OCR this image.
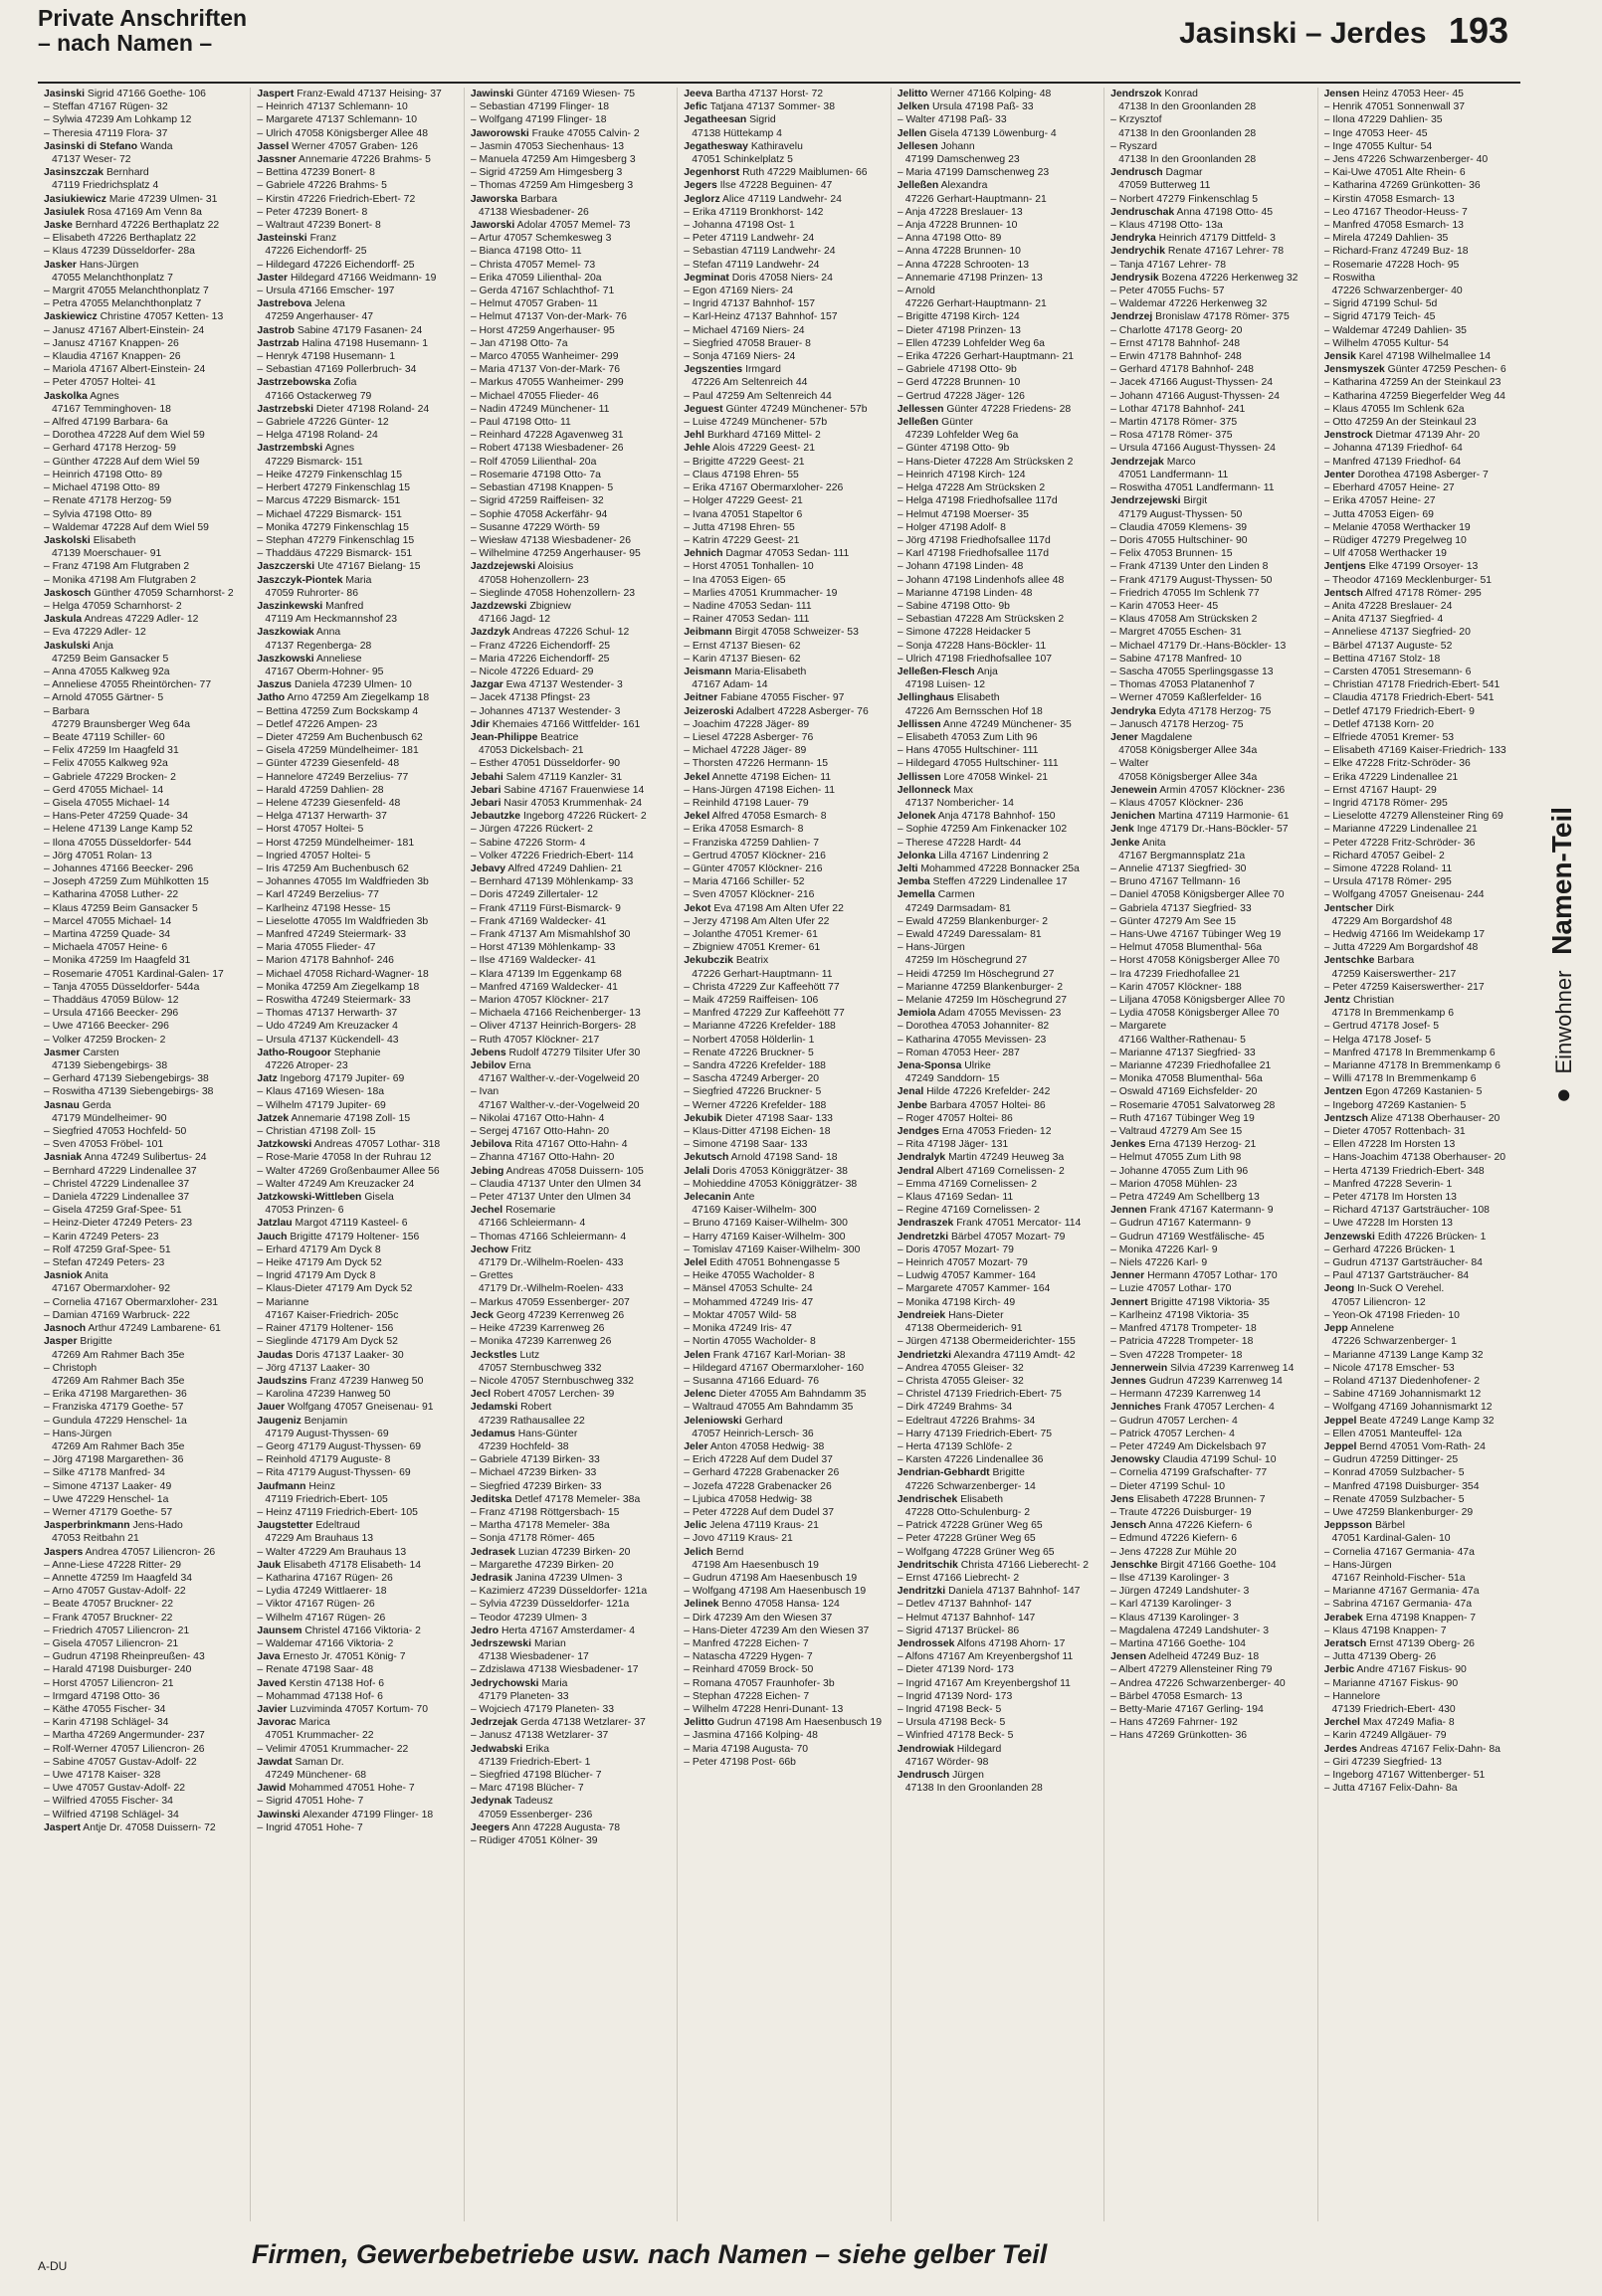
Private Anschriften
– nach Namen –	Jasinski – Jerdes 193
Jasinski Sigrid 47166 Goethe- 106
– Steffan 47167 Rügen- 32
– Sylwia 47239 Am Lohkamp 12
– Theresia 47119 Flora- 37
Jasinski di Stefano Wanda
47137 Weser- 72
Jasinszczak Bernhard
47119 Friedrichsplatz 4
Jasiukiewicz Marie 47239 Ulmen- 31
Jasiulek Rosa 47169 Am Venn 8a
Jaske Bernhard 47226 Berthaplatz 22
– Elisabeth 47226 Berthaplatz 22
– Klaus 47239 Düsseldorfer- 28a
Jasker Hans-Jürgen
47055 Melanchthonplatz 7
– Margrit 47055 Melanchthonplatz 7
– Petra 47055 Melanchthonplatz 7
Jaskiewicz Christine 47057 Ketten- 13
– Janusz 47167 Albert-Einstein- 24
– Janusz 47167 Knappen- 26
– Klaudia 47167 Knappen- 26
– Mariola 47167 Albert-Einstein- 24
– Peter 47057 Holtei- 41
Jaskolka Agnes
47167 Temminghoven- 18
– Alfred 47199 Barbara- 6a
– Dorothea 47228 Auf dem Wiel 59
– Gerhard 47178 Herzog- 59
– Günther 47228 Auf dem Wiel 59
– Heinrich 47198 Otto- 89
– Michael 47198 Otto- 89
– Renate 47178 Herzog- 59
– Sylvia 47198 Otto- 89
– Waldemar 47228 Auf dem Wiel 59
Jaskolski Elisabeth
47139 Moerschauer- 91
– Franz 47198 Am Flutgraben 2
– Monika 47198 Am Flutgraben 2
Jaskosch Günther 47059 Scharnhorst- 2
– Helga 47059 Scharnhorst- 2
Jaskula Andreas 47229 Adler- 12
– Eva 47229 Adler- 12
Jaskulski Anja
47259 Beim Gansacker 5
– Anna 47055 Kalkweg 92a
– Anneliese 47055 Rheintörchen- 77
– Arnold 47055 Gärtner- 5
– Barbara
47279 Braunsberger Weg 64a
– Beate 47119 Schiller- 60
– Felix 47259 Im Haagfeld 31
– Felix 47055 Kalkweg 92a
– Gabriele 47229 Brocken- 2
– Gerd 47055 Michael- 14
– Gisela 47055 Michael- 14
– Hans-Peter 47259 Quade- 34
– Helene 47139 Lange Kamp 52
– Ilona 47055 Düsseldorfer- 544
– Jörg 47051 Rolan- 13
– Johannes 47166 Beecker- 296
– Joseph 47259 Zum Mühlkotten 15
– Katharina 47058 Luther- 22
– Klaus 47259 Beim Gansacker 5
– Marcel 47055 Michael- 14
– Martina 47259 Quade- 34
– Michaela 47057 Heine- 6
– Monika 47259 Im Haagfeld 31
– Rosemarie 47051 Kardinal-Galen- 17
– Tanja 47055 Düsseldorfer- 544a
– Thaddäus 47059 Bülow- 12
– Ursula 47166 Beecker- 296
– Uwe 47166 Beecker- 296
– Volker 47259 Brocken- 2
Jasmer Carsten
47139 Siebengebirgs- 38
– Gerhard 47139 Siebengebirgs- 38
– Roswitha 47139 Siebengebirgs- 38
Jasnau Gerda
47179 Mündelheimer- 90
– Siegfried 47053 Hochfeld- 50
– Sven 47053 Fröbel- 101
Jasniak Anna 47249 Sulibertus- 24
– Bernhard 47229 Lindenallee 37
– Christel 47229 Lindenallee 37
– Daniela 47229 Lindenallee 37
– Gisela 47259 Graf-Spee- 51
– Heinz-Dieter 47249 Peters- 23
– Karin 47249 Peters- 23
– Rolf 47259 Graf-Spee- 51
– Stefan 47249 Peters- 23
Jasniok Anita
47167 Obermarxloher- 92
– Cornelia 47167 Obermarxloher- 231
– Damian 47169 Warbruck- 222
Jasnoch Arthur 47249 Lambarene- 61
Jasper Brigitte
47269 Am Rahmer Bach 35e
– Christoph
47269 Am Rahmer Bach 35e
– Erika 47198 Margarethen- 36
– Franziska 47179 Goethe- 57
– Gundula 47229 Henschel- 1a
– Hans-Jürgen
47269 Am Rahmer Bach 35e
– Jörg 47198 Margarethen- 36
– Silke 47178 Manfred- 34
– Simone 47137 Laaker- 49
– Uwe 47229 Henschel- 1a
– Werner 47179 Goethe- 57
Jasperbrinkmann Jens-Hado
47053 Reitbahn 21
Jaspers Andrea 47057 Liliencron- 26
– Anne-Liese 47228 Ritter- 29
– Annette 47259 Im Haagfeld 34
– Arno 47057 Gustav-Adolf- 22
– Beate 47057 Bruckner- 22
– Frank 47057 Bruckner- 22
– Friedrich 47057 Liliencron- 21
– Gisela 47057 Liliencron- 21
– Gudrun 47198 Rheinpreußen- 43
– Harald 47198 Duisburger- 240
– Horst 47057 Liliencron- 21
– Irmgard 47198 Otto- 36
– Käthe 47055 Fischer- 34
– Karin 47198 Schlägel- 34
– Martha 47269 Angermunder- 237
– Rolf-Werner 47057 Liliencron- 26
– Sabine 47057 Gustav-Adolf- 22
– Uwe 47178 Kaiser- 328
– Uwe 47057 Gustav-Adolf- 22
– Wilfried 47055 Fischer- 34
– Wilfried 47198 Schlägel- 34
Jaspert Antje Dr. 47058 Duissern- 72
Jaspert Franz-Ewald 47137 Heising- 37
– Heinrich 47137 Schlemann- 10
– Margarete 47137 Schlemann- 10
– Ulrich 47058 Königsberger Allee 48
Jassel Werner 47057 Graben- 126
Jassner Annemarie 47226 Brahms- 5
– Bettina 47239 Bonert- 8
– Gabriele 47226 Brahms- 5
– Kirstin 47226 Friedrich-Ebert- 72
– Peter 47239 Bonert- 8
– Waltraut 47239 Bonert- 8
Jasteinski Franz
47226 Eichendorff- 25
– Hildegard 47226 Eichendorff- 25
Jaster Hildegard 47166 Weidmann- 19
– Ursula 47166 Emscher- 197
Jastrebova Jelena
47259 Angerhauser- 47
Jastrob Sabine 47179 Fasanen- 24
Jastrzab Halina 47198 Husemann- 1
– Henryk 47198 Husemann- 1
– Sebastian 47169 Pollerbruch- 34
Jastrzebowska Zofia
47166 Ostackerweg 79
Jastrzebski Dieter 47198 Roland- 24
– Gabriele 47226 Günter- 12
– Helga 47198 Roland- 24
Jastrzembski Agnes
47229 Bismarck- 151
– Heike 47279 Finkenschlag 15
– Herbert 47279 Finkenschlag 15
– Marcus 47229 Bismarck- 151
– Michael 47229 Bismarck- 151
– Monika 47279 Finkenschlag 15
– Stephan 47279 Finkenschlag 15
– Thaddäus 47229 Bismarck- 151
Jaszczerski Ute 47167 Bielang- 15
Jaszczyk-Piontek Maria
47059 Ruhrorter- 86
Jaszinkewski Manfred
47119 Am Heckmannshof 23
Jaszkowiak Anna
47137 Regenberga- 28
Jaszkowski Anneliese
47167 Oberm-Hohner- 95
Jaszus Daniela 47239 Ulmen- 10
Jatho Arno 47259 Am Ziegelkamp 18
– Bettina 47259 Zum Bockskamp 4
– Detlef 47226 Ampen- 23
– Dieter 47259 Am Buchenbusch 62
– Gisela 47259 Mündelheimer- 181
– Günter 47239 Giesenfeld- 48
– Hannelore 47249 Berzelius- 77
– Harald 47259 Dahlien- 28
– Helene 47239 Giesenfeld- 48
– Helga 47137 Herwarth- 37
– Horst 47057 Holtei- 5
– Horst 47259 Mündelheimer- 181
– Ingried 47057 Holtei- 5
– Iris 47259 Am Buchenbusch 62
– Johannes 47055 Im Waldfrieden 3b
– Karl 47249 Berzelius- 77
– Karlheinz 47198 Hesse- 15
– Lieselotte 47055 Im Waldfrieden 3b
– Manfred 47249 Steiermark- 33
– Maria 47055 Flieder- 47
– Marion 47178 Bahnhof- 246
– Michael 47058 Richard-Wagner- 18
– Monika 47259 Am Ziegelkamp 18
– Roswitha 47249 Steiermark- 33
– Thomas 47137 Herwarth- 37
– Udo 47249 Am Kreuzacker 4
– Ursula 47137 Kückendell- 43
Jatho-Rougoor Stephanie
47226 Atroper- 23
Jatz Ingeborg 47179 Jupiter- 69
– Klaus 47169 Wiesen- 18a
– Wilhelm 47179 Jupiter- 69
Jatzek Annemarie 47198 Zoll- 15
– Christian 47198 Zoll- 15
Jatzkowski Andreas 47057 Lothar- 318
– Rose-Marie 47058 In der Ruhrau 12
– Walter 47269 Großenbaumer Allee 56
– Walter 47249 Am Kreuzacker 24
Jatzkowski-Wittleben Gisela
47053 Prinzen- 6
Jatzlau Margot 47119 Kasteel- 6
Jauch Brigitte 47179 Holtener- 156
– Erhard 47179 Am Dyck 8
– Heike 47179 Am Dyck 52
– Ingrid 47179 Am Dyck 8
– Klaus-Dieter 47179 Am Dyck 52
– Marianne
47167 Kaiser-Friedrich- 205c
– Rainer 47179 Holtener- 156
– Sieglinde 47179 Am Dyck 52
Jaudas Doris 47137 Laaker- 30
– Jörg 47137 Laaker- 30
Jaudszins Franz 47239 Hanweg 50
– Karolina 47239 Hanweg 50
Jauer Wolfgang 47057 Gneisenau- 91
Jaugeniz Benjamin
47179 August-Thyssen- 69
– Georg 47179 August-Thyssen- 69
– Reinhold 47179 Auguste- 8
– Rita 47179 August-Thyssen- 69
Jaufmann Heinz
47119 Friedrich-Ebert- 105
– Heinz 47119 Friedrich-Ebert- 105
Jaugstetter Edeltraud
47229 Am Brauhaus 13
– Walter 47229 Am Brauhaus 13
Jauk Elisabeth 47178 Elisabeth- 14
– Katharina 47167 Rügen- 26
– Lydia 47249 Wittlaerer- 18
– Viktor 47167 Rügen- 26
– Wilhelm 47167 Rügen- 26
Jaunsem Christel 47166 Viktoria- 2
– Waldemar 47166 Viktoria- 2
Java Ernesto Jr. 47051 König- 7
– Renate 47198 Saar- 48
Javed Kerstin 47138 Hof- 6
– Mohammad 47138 Hof- 6
Javier Luzviminda 47057 Kortum- 70
Javorac Marica
47051 Krummacher- 22
– Velimir 47051 Krummacher- 22
Jawdat Saman Dr.
47249 Münchener- 68
Jawid Mohammed 47051 Hohe- 7
– Sigrid 47051 Hohe- 7
Jawinski Alexander 47199 Flinger- 18
– Ingrid 47051 Hohe- 7
Jawinski Günter 47169 Wiesen- 75
– Sebastian 47199 Flinger- 18
– Wolfgang 47199 Flinger- 18
Jaworowski Frauke 47055 Calvin- 2
– Jasmin 47053 Siechenhaus- 13
– Manuela 47259 Am Himgesberg 3
– Sigrid 47259 Am Himgesberg 3
– Thomas 47259 Am Himgesberg 3
Jaworska Barbara
47138 Wiesbadener- 26
Jaworski Adolar 47057 Memel- 73
– Artur 47057 Schemkesweg 3
– Bianca 47198 Otto- 11
– Christa 47057 Memel- 73
– Erika 47059 Lilienthal- 20a
– Gerda 47167 Schlachthof- 71
– Helmut 47057 Graben- 11
– Helmut 47137 Von-der-Mark- 76
– Horst 47259 Angerhauser- 95
– Jan 47198 Otto- 7a
– Marco 47055 Wanheimer- 299
– Maria 47137 Von-der-Mark- 76
– Markus 47055 Wanheimer- 299
– Michael 47055 Flieder- 46
– Nadin 47249 Münchener- 11
– Paul 47198 Otto- 11
– Reinhard 47228 Agavenweg 31
– Robert 47138 Wiesbadener- 26
– Rolf 47059 Lilienthal- 20a
– Rosemarie 47198 Otto- 7a
– Sebastian 47198 Knappen- 5
– Sigrid 47259 Raiffeisen- 32
– Sophie 47058 Ackerfähr- 94
– Susanne 47229 Wörth- 59
– Wiesław 47138 Wiesbadener- 26
– Wilhelmine 47259 Angerhauser- 95
Jazdzejewski Aloisius
47058 Hohenzollern- 23
– Sieglinde 47058 Hohenzollern- 23
Jazdzewski Zbigniew
47166 Jagd- 12
Jazdzyk Andreas 47226 Schul- 12
– Franz 47226 Eichendorff- 25
– Maria 47226 Eichendorff- 25
– Nicole 47226 Eduard- 29
Jazgar Ewa 47137 Westender- 3
– Jacek 47138 Pfingst- 23
– Johannes 47137 Westender- 3
Jdir Khemaies 47166 Wittfelder- 161
Jean-Philippe Beatrice
47053 Dickelsbach- 21
– Esther 47051 Düsseldorfer- 90
Jebahi Salem 47119 Kanzler- 31
Jebari Sabine 47167 Frauenwiese 14
Jebari Nasir 47053 Krummenhak- 24
Jebautzke Ingeborg 47226 Rückert- 2
– Jürgen 47226 Rückert- 2
– Sabine 47226 Storm- 4
– Volker 47226 Friedrich-Ebert- 114
Jebavy Alfred 47249 Dahlien- 21
– Bernhard 47139 Möhlenkamp- 33
– Doris 47249 Zillertaler- 12
– Frank 47119 Fürst-Bismarck- 9
– Frank 47169 Waldecker- 41
– Frank 47137 Am Mismahlshof 30
– Horst 47139 Möhlenkamp- 33
– Ilse 47169 Waldecker- 41
– Klara 47139 Im Eggenkamp 68
– Manfred 47169 Waldecker- 41
– Marion 47057 Klöckner- 217
– Michaela 47166 Reichenberger- 13
– Oliver 47137 Heinrich-Borgers- 28
– Ruth 47057 Klöckner- 217
Jebens Rudolf 47279 Tilsiter Ufer 30
Jebilov Erna
47167 Walther-v.-der-Vogelweid 20
– Ivan
47167 Walther-v.-der-Vogelweid 20
– Nikolai 47167 Otto-Hahn- 4
– Sergej 47167 Otto-Hahn- 20
Jebilova Rita 47167 Otto-Hahn- 4
– Zhanna 47167 Otto-Hahn- 20
Jebing Andreas 47058 Duissern- 105
– Claudia 47137 Unter den Ulmen 34
– Peter 47137 Unter den Ulmen 34
Jechel Rosemarie
47166 Schleiermann- 4
– Thomas 47166 Schleiermann- 4
Jechow Fritz
47179 Dr.-Wilhelm-Roelen- 433
– Grettes
47179 Dr.-Wilhelm-Roelen- 433
– Markus 47059 Essenberger- 207
Jeck Georg 47239 Kerrenweg 26
– Heike 47239 Karrenweg 26
– Monika 47239 Karrenweg 26
Jeckstles Lutz
47057 Sternbuschweg 332
– Nicole 47057 Sternbuschweg 332
Jecl Robert 47057 Lerchen- 39
Jedamski Robert
47239 Rathausallee 22
Jedamus Hans-Günter
47239 Hochfeld- 38
– Gabriele 47139 Birken- 33
– Michael 47239 Birken- 33
– Siegfried 47239 Birken- 33
Jeditska Detlef 47178 Memeler- 38a
– Franz 47198 Röttgersbach- 15
– Martha 47178 Memeler- 38a
– Sonja 47178 Römer- 465
Jedrasek Luzian 47239 Birken- 20
– Margarethe 47239 Birken- 20
Jedrasik Janina 47239 Ulmen- 3
– Kazimierz 47239 Düsseldorfer- 121a
– Sylvia 47239 Düsseldorfer- 121a
– Teodor 47239 Ulmen- 3
Jedro Herta 47167 Amsterdamer- 4
Jedrszewski Marian
47138 Wiesbadener- 17
– Zdzislawa 47138 Wiesbadener- 17
Jedrychowski Maria
47179 Planeten- 33
– Wojciech 47179 Planeten- 33
Jedrzejak Gerda 47138 Wetzlarer- 37
– Janusz 47138 Wetzlarer- 37
Jedwabski Erika
47139 Friedrich-Ebert- 1
– Siegfried 47198 Blücher- 7
– Marc 47198 Blücher- 7
Jedynak Tadeusz
47059 Essenberger- 236
Jeegers Ann 47228 Augusta- 78
– Rüdiger 47051 Kölner- 39
Jeeva Bartha 47137 Horst- 72
Jefic Tatjana 47137 Sommer- 38
Jegatheesan Sigrid
47138 Hüttekamp 4
Jegathesway Kathiravelu
47051 Schinkelplatz 5
Jegenhorst Ruth 47229 Maiblumen- 66
Jegers Ilse 47228 Beguinen- 47
Jeglorz Alice 47119 Landwehr- 24
– Erika 47119 Bronkhorst- 142
– Johanna 47198 Ost- 1
– Peter 47119 Landwehr- 24
– Sebastian 47119 Landwehr- 24
– Stefan 47119 Landwehr- 24
Jegminat Doris 47058 Niers- 24
– Egon 47169 Niers- 24
– Ingrid 47137 Bahnhof- 157
– Karl-Heinz 47137 Bahnhof- 157
– Michael 47169 Niers- 24
– Siegfried 47058 Brauer- 8
– Sonja 47169 Niers- 24
Jegszenties Irmgard
47226 Am Seltenreich 44
– Paul 47259 Am Seltenreich 44
Jeguest Günter 47249 Münchener- 57b
– Luise 47249 Münchener- 57b
Jehl Burkhard 47169 Mittel- 2
Jehle Alois 47229 Geest- 21
– Brigitte 47229 Geest- 21
– Claus 47198 Ehren- 55
– Erika 47167 Obermarxloher- 226
– Holger 47229 Geest- 21
– Ivana 47051 Stapeltor 6
– Jutta 47198 Ehren- 55
– Katrin 47229 Geest- 21
Jehnich Dagmar 47053 Sedan- 111
– Horst 47051 Tonhallen- 10
– Ina 47053 Eigen- 65
– Marlies 47051 Krummacher- 19
– Nadine 47053 Sedan- 111
– Rainer 47053 Sedan- 111
Jeibmann Birgit 47058 Schweizer- 53
– Ernst 47137 Biesen- 62
– Karin 47137 Biesen- 62
Jeismann Maria-Elisabeth
47167 Adam- 14
Jeitner Fabiane 47055 Fischer- 97
Jeizeroski Adalbert 47228 Asberger- 76
– Joachim 47228 Jäger- 89
– Liesel 47228 Asberger- 76
– Michael 47228 Jäger- 89
– Thorsten 47226 Hermann- 15
Jekel Annette 47198 Eichen- 11
– Hans-Jürgen 47198 Eichen- 11
– Reinhild 47198 Lauer- 79
Jekel Alfred 47058 Esmarch- 8
– Erika 47058 Esmarch- 8
– Franziska 47259 Dahlien- 7
– Gertrud 47057 Klöckner- 216
– Günter 47057 Klöckner- 216
– Maria 47166 Schiller- 52
– Sven 47057 Klöckner- 216
Jekot Eva 47198 Am Alten Ufer 22
– Jerzy 47198 Am Alten Ufer 22
– Jolanthe 47051 Kremer- 61
– Zbigniew 47051 Kremer- 61
Jekubczik Beatrix
47226 Gerhart-Hauptmann- 11
– Christa 47229 Zur Kaffeehött 77
– Maik 47259 Raiffeisen- 106
– Manfred 47229 Zur Kaffeehött 77
– Marianne 47226 Krefelder- 188
– Norbert 47058 Hölderlin- 1
– Renate 47226 Bruckner- 5
– Sandra 47226 Krefelder- 188
– Sascha 47249 Arberger- 20
– Siegfried 47226 Bruckner- 5
– Werner 47226 Krefelder- 188
Jekubik Dieter 47198 Saar- 133
– Klaus-Ditter 47198 Eichen- 18
– Simone 47198 Saar- 133
Jekutsch Arnold 47198 Sand- 18
Jelali Doris 47053 Königgrätzer- 38
– Mohieddine 47053 Königgrätzer- 38
Jelecanin Ante
47169 Kaiser-Wilhelm- 300
– Bruno 47169 Kaiser-Wilhelm- 300
– Harry 47169 Kaiser-Wilhelm- 300
– Tomislav 47169 Kaiser-Wilhelm- 300
Jelel Edith 47051 Bohnengasse 5
– Heike 47055 Wacholder- 8
– Mänsel 47053 Schulte- 24
– Mohammed 47249 Iris- 47
– Moktar 47057 Wild- 58
– Monika 47249 Iris- 47
– Nortin 47055 Wacholder- 8
Jelen Frank 47167 Karl-Morian- 38
– Hildegard 47167 Obermarxloher- 160
– Susanna 47166 Eduard- 76
Jelenc Dieter 47055 Am Bahndamm 35
– Waltraud 47055 Am Bahndamm 35
Jeleniowski Gerhard
47057 Heinrich-Lersch- 36
Jeler Anton 47058 Hedwig- 38
– Erich 47228 Auf dem Dudel 37
– Gerhard 47228 Grabenacker 26
– Jozefa 47228 Grabenacker 26
– Ljubica 47058 Hedwig- 38
– Peter 47228 Auf dem Dudel 37
Jelic Jelena 47119 Kraus- 21
– Jovo 47119 Kraus- 21
Jelich Bernd
47198 Am Haesenbusch 19
– Gudrun 47198 Am Haesenbusch 19
– Wolfgang 47198 Am Haesenbusch 19
Jelinek Benno 47058 Hansa- 124
– Dirk 47239 Am den Wiesen 37
– Hans-Dieter 47239 Am den Wiesen 37
– Manfred 47228 Eichen- 7
– Natascha 47229 Hygen- 7
– Reinhard 47059 Brock- 50
– Romana 47057 Fraunhofer- 3b
– Stephan 47228 Eichen- 7
– Wilhelm 47228 Henri-Dunant- 13
Jelitto Gudrun 47198 Am Haesenbusch 19
– Jasmina 47166 Kolping- 48
– Maria 47198 Augusta- 70
– Peter 47198 Post- 66b
Jelitto Werner 47166 Kolping- 48
Jelken Ursula 47198 Paß- 33
– Walter 47198 Paß- 33
Jellen Gisela 47139 Löwenburg- 4
Jellesen Johann
47199 Damschenweg 23
– Maria 47199 Damschenweg 23
Jelleßen Alexandra
47226 Gerhart-Hauptmann- 21
– Anja 47228 Breslauer- 13
– Anja 47228 Brunnen- 10
– Anna 47198 Otto- 89
– Anna 47228 Brunnen- 10
– Anna 47228 Schrooten- 13
– Annemarie 47198 Prinzen- 13
– Arnold
47226 Gerhart-Hauptmann- 21
– Brigitte 47198 Kirch- 124
– Dieter 47198 Prinzen- 13
– Ellen 47239 Lohfelder Weg 6a
– Erika 47226 Gerhart-Hauptmann- 21
– Gabriele 47198 Otto- 9b
– Gerd 47228 Brunnen- 10
– Gertrud 47228 Jäger- 126
Jellessen Günter 47228 Friedens- 28
Jelleßen Günter
47239 Lohfelder Weg 6a
– Günter 47198 Otto- 9b
– Hans-Dieter 47228 Am Strücksken 2
– Heinrich 47198 Kirch- 124
– Helga 47228 Am Strücksken 2
– Helga 47198 Friedhofsallee 117d
– Helmut 47198 Moerser- 35
– Holger 47198 Adolf- 8
– Jörg 47198 Friedhofsallee 117d
– Karl 47198 Friedhofsallee 117d
– Johann 47198 Linden- 48
– Johann 47198 Lindenhofs allee 48
– Marianne 47198 Linden- 48
– Sabine 47198 Otto- 9b
– Sebastian 47228 Am Strücksken 2
– Simone 47228 Heidacker 5
– Sonja 47228 Hans-Böckler- 11
– Ulrich 47198 Friedhofsallee 107
Jelleßen-Flesch Anja
47198 Luisen- 12
Jellinghaus Elisabeth
47226 Am Bernsschen Hof 18
Jellissen Anne 47249 Münchener- 35
– Elisabeth 47053 Zum Lith 96
– Hans 47055 Hultschiner- 111
– Hildegard 47055 Hultschiner- 111
Jellissen Lore 47058 Winkel- 21
Jellonneck Max
47137 Nombericher- 14
Jelonek Anja 47178 Bahnhof- 150
– Sophie 47259 Am Finkenacker 102
– Therese 47228 Hardt- 44
Jelonka Lilla 47167 Lindenring 2
Jelti Mohammed 47228 Bonnacker 25a
Jemba Steffen 47229 Lindenallee 17
Jemella Carmen
47249 Darmsadam- 81
– Ewald 47259 Blankenburger- 2
– Ewald 47249 Daressalam- 81
– Hans-Jürgen
47259 Im Höschegrund 27
– Heidi 47259 Im Höschegrund 27
– Marianne 47259 Blankenburger- 2
– Melanie 47259 Im Höschegrund 27
Jemiola Adam 47055 Mevissen- 23
– Dorothea 47053 Johanniter- 82
– Katharina 47055 Mevissen- 23
– Roman 47053 Heer- 287
Jena-Sponsa Ulrike
47249 Sanddorn- 15
Jenal Hilde 47226 Krefelder- 242
Jenbe Barbara 47057 Holtei- 86
– Roger 47057 Holtei- 86
Jendges Erna 47053 Frieden- 12
– Rita 47198 Jäger- 131
Jendralyk Martin 47249 Heuweg 3a
Jendral Albert 47169 Cornelissen- 2
– Emma 47169 Cornelissen- 2
– Klaus 47169 Sedan- 11
– Regine 47169 Cornelissen- 2
Jendraszek Frank 47051 Mercator- 114
Jendretzki Bärbel 47057 Mozart- 79
– Doris 47057 Mozart- 79
– Heinrich 47057 Mozart- 79
– Ludwig 47057 Kammer- 164
– Margarete 47057 Kammer- 164
– Monika 47198 Kirch- 49
Jendreiek Hans-Dieter
47138 Obermeiderich- 91
– Jürgen 47138 Obermeiderichter- 155
Jendrietzki Alexandra 47119 Amdt- 42
– Andrea 47055 Gleiser- 32
– Christa 47055 Gleiser- 32
– Christel 47139 Friedrich-Ebert- 75
– Dirk 47249 Brahms- 34
– Edeltraut 47226 Brahms- 34
– Harry 47139 Friedrich-Ebert- 75
– Herta 47139 Schlöfe- 2
– Karsten 47226 Lindenallee 36
Jendrian-Gebhardt Brigitte
47226 Schwarzenberger- 14
Jendrischek Elisabeth
47228 Otto-Schulenburg- 2
– Patrick 47228 Grüner Weg 65
– Peter 47228 Grüner Weg 65
– Wolfgang 47228 Grüner Weg 65
Jendritschik Christa 47166 Lieberecht- 2
– Ernst 47166 Liebrecht- 2
Jendritzki Daniela 47137 Bahnhof- 147
– Detlev 47137 Bahnhof- 147
– Helmut 47137 Bahnhof- 147
– Sigrid 47137 Brückel- 86
Jendrossek Alfons 47198 Ahorn- 17
– Alfons 47167 Am Kreyenbergshof 11
– Dieter 47139 Nord- 173
– Ingrid 47167 Am Kreyenbergshof 11
– Ingrid 47139 Nord- 173
– Ingrid 47198 Beck- 5
– Ursula 47198 Beck- 5
– Winfried 47178 Beck- 5
Jendrowiak Hildegard
47167 Wörder- 98
Jendrusch Jürgen
47138 In den Groonlanden 28
Jendrszok Konrad
47138 In den Groonlanden 28
– Krzysztof
47138 In den Groonlanden 28
– Ryszard
47138 In den Groonlanden 28
Jendrusch Dagmar
47059 Butterweg 11
– Norbert 47279 Finkenschlag 5
Jendruschak Anna 47198 Otto- 45
– Klaus 47198 Otto- 13a
Jendryka Heinrich 47179 Dittfeld- 3
Jendrychik Renate 47167 Lehrer- 78
– Tanja 47167 Lehrer- 78
Jendrysik Bozena 47226 Herkenweg 32
– Peter 47055 Fuchs- 57
– Waldemar 47226 Herkenweg 32
Jendrzej Bronislaw 47178 Römer- 375
– Charlotte 47178 Georg- 20
– Ernst 47178 Bahnhof- 248
– Erwin 47178 Bahnhof- 248
– Gerhard 47178 Bahnhof- 248
– Jacek 47166 August-Thyssen- 24
– Johann 47166 August-Thyssen- 24
– Lothar 47178 Bahnhof- 241
– Martin 47178 Römer- 375
– Rosa 47178 Römer- 375
– Ursula 47166 August-Thyssen- 24
Jendrzejak Marco
47051 Landfermann- 11
– Roswitha 47051 Landfermann- 11
Jendrzejewski Birgit
47179 August-Thyssen- 50
– Claudia 47059 Klemens- 39
– Doris 47055 Hultschiner- 90
– Felix 47053 Brunnen- 15
– Frank 47139 Unter den Linden 8
– Frank 47179 August-Thyssen- 50
– Friedrich 47055 Im Schlenk 77
– Karin 47053 Heer- 45
– Klaus 47058 Am Strücksken 2
– Margret 47055 Eschen- 31
– Michael 47179 Dr.-Hans-Böckler- 13
– Sabine 47178 Manfred- 10
– Sascha 47055 Sperlingsgasse 13
– Thomas 47053 Platanenhof 7
– Werner 47059 Kaßlerfelder- 16
Jendryka Edyta 47178 Herzog- 75
– Janusch 47178 Herzog- 75
Jener Magdalene
47058 Königsberger Allee 34a
– Walter
47058 Königsberger Allee 34a
Jenewein Armin 47057 Klöckner- 236
– Klaus 47057 Klöckner- 236
Jenichen Martina 47119 Harmonie- 61
Jenk Inge 47179 Dr.-Hans-Böckler- 57
Jenke Anita
47167 Bergmannsplatz 21a
– Annelie 47137 Siegfried- 30
– Bruno 47167 Tellmann- 16
– Daniel 47058 Königsberger Allee 70
– Gabriela 47137 Siegfried- 33
– Günter 47279 Am See 15
– Hans-Uwe 47167 Tübinger Weg 19
– Helmut 47058 Blumenthal- 56a
– Horst 47058 Königsberger Allee 70
– Ira 47239 Friedhofallee 21
– Karin 47057 Klöckner- 188
– Liljana 47058 Königsberger Allee 70
– Lydia 47058 Königsberger Allee 70
– Margarete
47166 Walther-Rathenau- 5
– Marianne 47137 Siegfried- 33
– Marianne 47239 Friedhofallee 21
– Monika 47058 Blumenthal- 56a
– Oswald 47169 Eichsfelder- 20
– Rosemarie 47051 Salvatorweg 28
– Ruth 47167 Tübinger Weg 19
– Valtraud 47279 Am See 15
Jenkes Erna 47139 Herzog- 21
– Helmut 47055 Zum Lith 98
– Johanne 47055 Zum Lith 96
– Marion 47058 Mühlen- 23
– Petra 47249 Am Schellberg 13
Jennen Frank 47167 Katermann- 9
– Gudrun 47167 Katermann- 9
– Gudrun 47169 Westfälische- 45
– Monika 47226 Karl- 9
– Niels 47226 Karl- 9
Jenner Hermann 47057 Lothar- 170
– Luzie 47057 Lothar- 170
Jennert Brigitte 47198 Viktoria- 35
– Karlheinz 47198 Viktoria- 35
– Manfred 47178 Trompeter- 18
– Patricia 47228 Trompeter- 18
– Sven 47228 Trompeter- 18
Jennerwein Silvia 47239 Karrenweg 14
Jennes Gudrun 47239 Karrenweg 14
– Hermann 47239 Karrenweg 14
Jenniches Frank 47057 Lerchen- 4
– Gudrun 47057 Lerchen- 4
– Patrick 47057 Lerchen- 4
– Peter 47249 Am Dickelsbach 97
Jenowsky Claudia 47199 Schul- 10
– Cornelia 47199 Grafschafter- 77
– Dieter 47199 Schul- 10
Jens Elisabeth 47228 Brunnen- 7
– Traute 47226 Duisburger- 19
Jensch Anna 47226 Kiefern- 6
– Edmund 47226 Kiefern- 6
– Jens 47228 Zur Mühle 20
Jenschke Birgit 47166 Goethe- 104
– Ilse 47139 Karolinger- 3
– Jürgen 47249 Landshuter- 3
– Karl 47139 Karolinger- 3
– Klaus 47139 Karolinger- 3
– Magdalena 47249 Landshuter- 3
– Martina 47166 Goethe- 104
Jensen Adelheid 47249 Buz- 18
– Albert 47279 Allensteiner Ring 79
– Andrea 47226 Schwarzenberger- 40
– Bärbel 47058 Esmarch- 13
– Betty-Marie 47167 Gerling- 194
– Hans 47269 Fahrner- 192
– Hans 47269 Grünkotten- 36
Jensen Heinz 47053 Heer- 45
– Henrik 47051 Sonnenwall 37
– Ilona 47229 Dahlien- 35
– Inge 47053 Heer- 45
– Inge 47055 Kultur- 54
– Jens 47226 Schwarzenberger- 40
– Kai-Uwe 47051 Alte Rhein- 6
– Katharina 47269 Grünkotten- 36
– Kirstin 47058 Esmarch- 13
– Leo 47167 Theodor-Heuss- 7
– Manfred 47058 Esmarch- 13
– Mirela 47249 Dahlien- 35
– Richard-Franz 47249 Buz- 18
– Rosemarie 47228 Hoch- 95
– Roswitha
47226 Schwarzenberger- 40
– Sigrid 47199 Schul- 5d
– Sigrid 47179 Teich- 45
– Waldemar 47249 Dahlien- 35
– Wilhelm 47055 Kultur- 54
Jensik Karel 47198 Wilhelmallee 14
Jensmyszek Günter 47259 Peschen- 6
– Katharina 47259 An der Steinkaul 23
– Katharina 47259 Biegerfelder Weg 44
– Klaus 47055 Im Schlenk 62a
– Otto 47259 An der Steinkaul 23
Jenstrock Dietmar 47139 Ahr- 20
– Johanna 47139 Friedhof- 64
– Manfred 47139 Friedhof- 64
Jenter Dorothea 47198 Asberger- 7
– Eberhard 47057 Heine- 27
– Erika 47057 Heine- 27
– Jutta 47053 Eigen- 69
– Melanie 47058 Werthacker 19
– Rüdiger 47279 Pregelweg 10
– Ulf 47058 Werthacker 19
Jentjens Elke 47199 Orsoyer- 13
– Theodor 47169 Mecklenburger- 51
Jentsch Alfred 47178 Römer- 295
– Anita 47228 Breslauer- 24
– Anita 47137 Siegfried- 4
– Anneliese 47137 Siegfried- 20
– Bärbel 47137 Auguste- 52
– Bettina 47167 Stolz- 18
– Carsten 47051 Stresemann- 6
– Christian 47178 Friedrich-Ebert- 541
– Claudia 47178 Friedrich-Ebert- 541
– Detlef 47179 Friedrich-Ebert- 9
– Detlef 47138 Korn- 20
– Elfriede 47051 Kremer- 53
– Elisabeth 47169 Kaiser-Friedrich- 133
– Elke 47228 Fritz-Schröder- 36
– Erika 47229 Lindenallee 21
– Ernst 47167 Haupt- 29
– Ingrid 47178 Römer- 295
– Lieselotte 47279 Allensteiner Ring 69
– Marianne 47229 Lindenallee 21
– Peter 47228 Fritz-Schröder- 36
– Richard 47057 Geibel- 2
– Simone 47228 Roland- 11
– Ursula 47178 Römer- 295
– Wolfgang 47057 Gneisenau- 244
Jentscher Dirk
47229 Am Borgardshof 48
– Hedwig 47166 Im Weidekamp 17
– Jutta 47229 Am Borgardshof 48
Jentschke Barbara
47259 Kaiserswerther- 217
– Peter 47259 Kaiserswerther- 217
Jentz Christian
47178 In Bremmenkamp 6
– Gertrud 47178 Josef- 5
– Helga 47178 Josef- 5
– Manfred 47178 In Bremmenkamp 6
– Marianne 47178 In Bremmenkamp 6
– Willi 47178 In Bremmenkamp 6
Jentzen Egon 47269 Kastanien- 5
– Ingeborg 47269 Kastanien- 5
Jentzsch Alize 47138 Oberhauser- 20
– Dieter 47057 Rottenbach- 31
– Ellen 47228 Im Horsten 13
– Hans-Joachim 47138 Oberhauser- 20
– Herta 47139 Friedrich-Ebert- 348
– Manfred 47228 Severin- 1
– Peter 47178 Im Horsten 13
– Richard 47137 Gartsträucher- 108
– Uwe 47228 Im Horsten 13
Jenzewski Edith 47226 Brücken- 1
– Gerhard 47226 Brücken- 1
– Gudrun 47137 Gartsträucher- 84
– Paul 47137 Gartsträucher- 84
Jeong In-Suck O Verehel.
47057 Liliencron- 12
– Yeon-Ok 47198 Frieden- 10
Jepp Annelene
47226 Schwarzenberger- 1
– Marianne 47139 Lange Kamp 32
– Nicole 47178 Emscher- 53
– Roland 47137 Diedenhofener- 2
– Sabine 47169 Johannismarkt 12
– Wolfgang 47169 Johannismarkt 12
Jeppel Beate 47249 Lange Kamp 32
– Ellen 47051 Manteuffel- 12a
Jeppel Bernd 47051 Vom-Rath- 24
– Gudrun 47259 Dittinger- 25
– Konrad 47059 Sulzbacher- 5
– Manfred 47198 Duisburger- 354
– Renate 47059 Sulzbacher- 5
– Uwe 47259 Blankenburger- 29
Jeppsson Bärbel
47051 Kardinal-Galen- 10
– Cornelia 47167 Germania- 47a
– Hans-Jürgen
47167 Reinhold-Fischer- 51a
– Marianne 47167 Germania- 47a
– Sabrina 47167 Germania- 47a
Jerabek Erna 47198 Knappen- 7
– Klaus 47198 Knappen- 7
Jeratsch Ernst 47139 Oberg- 26
– Jutta 47139 Oberg- 26
Jerbic Andre 47167 Fiskus- 90
– Marianne 47167 Fiskus- 90
– Hannelore
47139 Friedrich-Ebert- 430
Jerchel Max 47249 Mafia- 8
– Karin 47249 Allgäuer- 79
Jerdes Andreas 47167 Felix-Dahn- 8a
– Giri 47239 Siegfried- 13
– Ingeborg 47167 Wittenberger- 51
– Jutta 47167 Felix-Dahn- 8a
● Einwohner Namen-Teil
A-DU	Firmen, Gewerbebetriebe usw. nach Namen – siehe gelber Teil
